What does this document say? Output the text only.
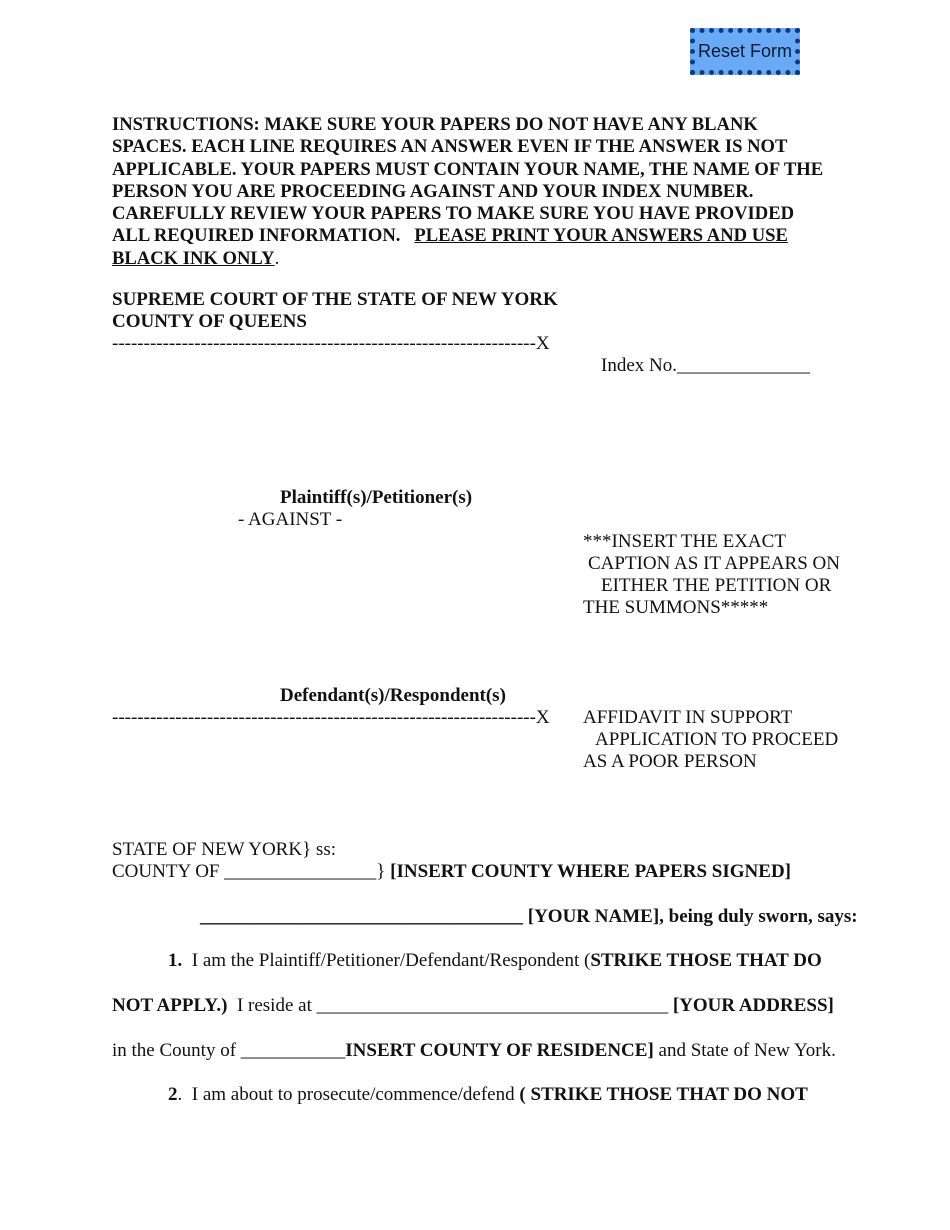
Reset Form

INSTRUCTIONS: MAKE SURE YOUR PAPERS DO NOT HAVE ANY BLANK

SPACES. EACH LINE REQUIRES AN ANSWER EVEN IF THE ANSWER IS NOT

APPLICABLE. YOUR PAPERS MUST CONTAIN YOUR NAME, THE NAME OF THE

PERSON YOU ARE PROCEEDING AGAINST AND YOUR INDEX NUMBER.

CAREFULLY REVIEW YOUR PAPERS TO MAKE SURE YOU HAVE PROVIDED

ALL REQUIRED INFORMATION.   PLEASE PRINT YOUR ANSWERS AND USE

BLACK INK ONLY.

SUPREME COURT OF THE STATE OF NEW YORK
COUNTY OF QUEENS
-------------------------------------------------------------------X
Index No.______________
Plaintiff(s)/Petitioner(s)
- AGAINST -
***INSERT THE EXACT
CAPTION AS IT APPEARS ON
EITHER THE PETITION OR
THE SUMMONS*****
Defendant(s)/Respondent(s)
-------------------------------------------------------------------X AFFIDAVIT IN SUPPORT
APPLICATION TO PROCEED
AS A POOR PERSON
STATE OF NEW YORK} ss:
COUNTY OF ________________} [INSERT COUNTY WHERE PAPERS SIGNED]
__________________________________ [YOUR NAME], being duly sworn, says:
1.  I am the Plaintiff/Petitioner/Defendant/Respondent (STRIKE THOSE THAT DO
NOT APPLY.)  I reside at _____________________________________ [YOUR ADDRESS]
in the County of ___________INSERT COUNTY OF RESIDENCE] and State of New York.
2.  I am about to prosecute/commence/defend ( STRIKE THOSE THAT DO NOT
